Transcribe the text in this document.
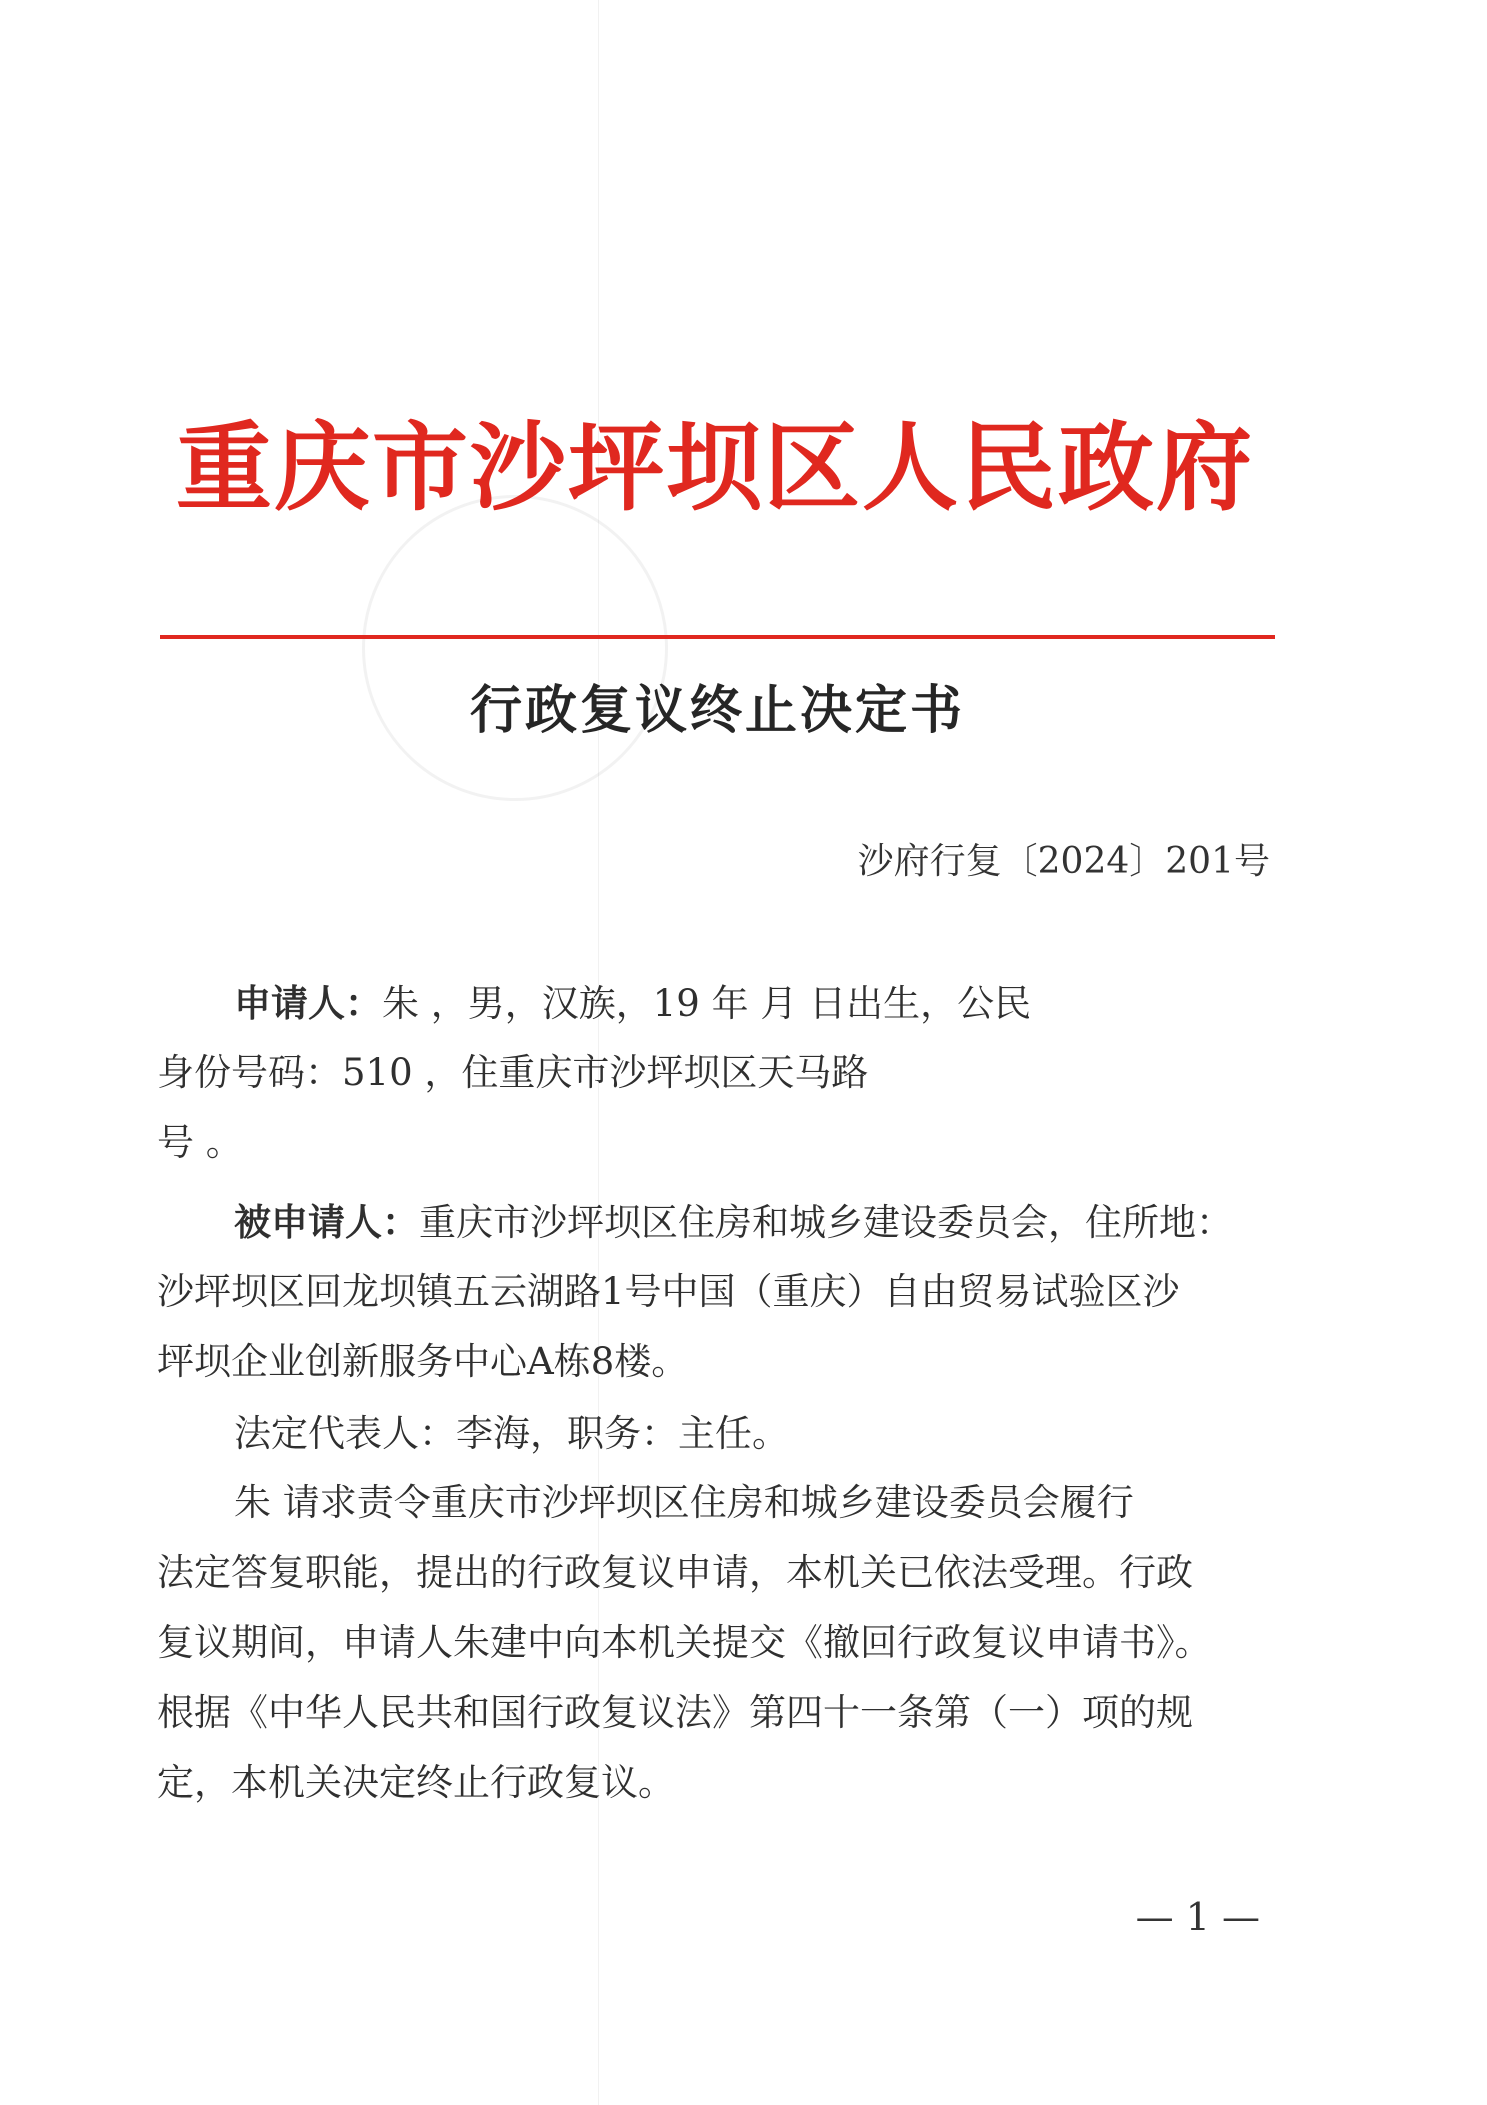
重庆市沙坪坝区人民政府
行政复议终止决定书
沙府行复〔2024〕201号
申请人：朱 ，男，汉族，19 年 月 日出生，公民
身份号码：510 ，住重庆市沙坪坝区天马路
号 。
被申请人：重庆市沙坪坝区住房和城乡建设委员会，住所地：
沙坪坝区回龙坝镇五云湖路1号中国（重庆）自由贸易试验区沙
坪坝企业创新服务中心A栋8楼。
法定代表人：李海，职务：主任。
朱 请求责令重庆市沙坪坝区住房和城乡建设委员会履行
法定答复职能，提出的行政复议申请，本机关已依法受理。行政
复议期间，申请人朱建中向本机关提交《撤回行政复议申请书》。
根据《中华人民共和国行政复议法》第四十一条第（一）项的规
定，本机关决定终止行政复议。
— 1 —
